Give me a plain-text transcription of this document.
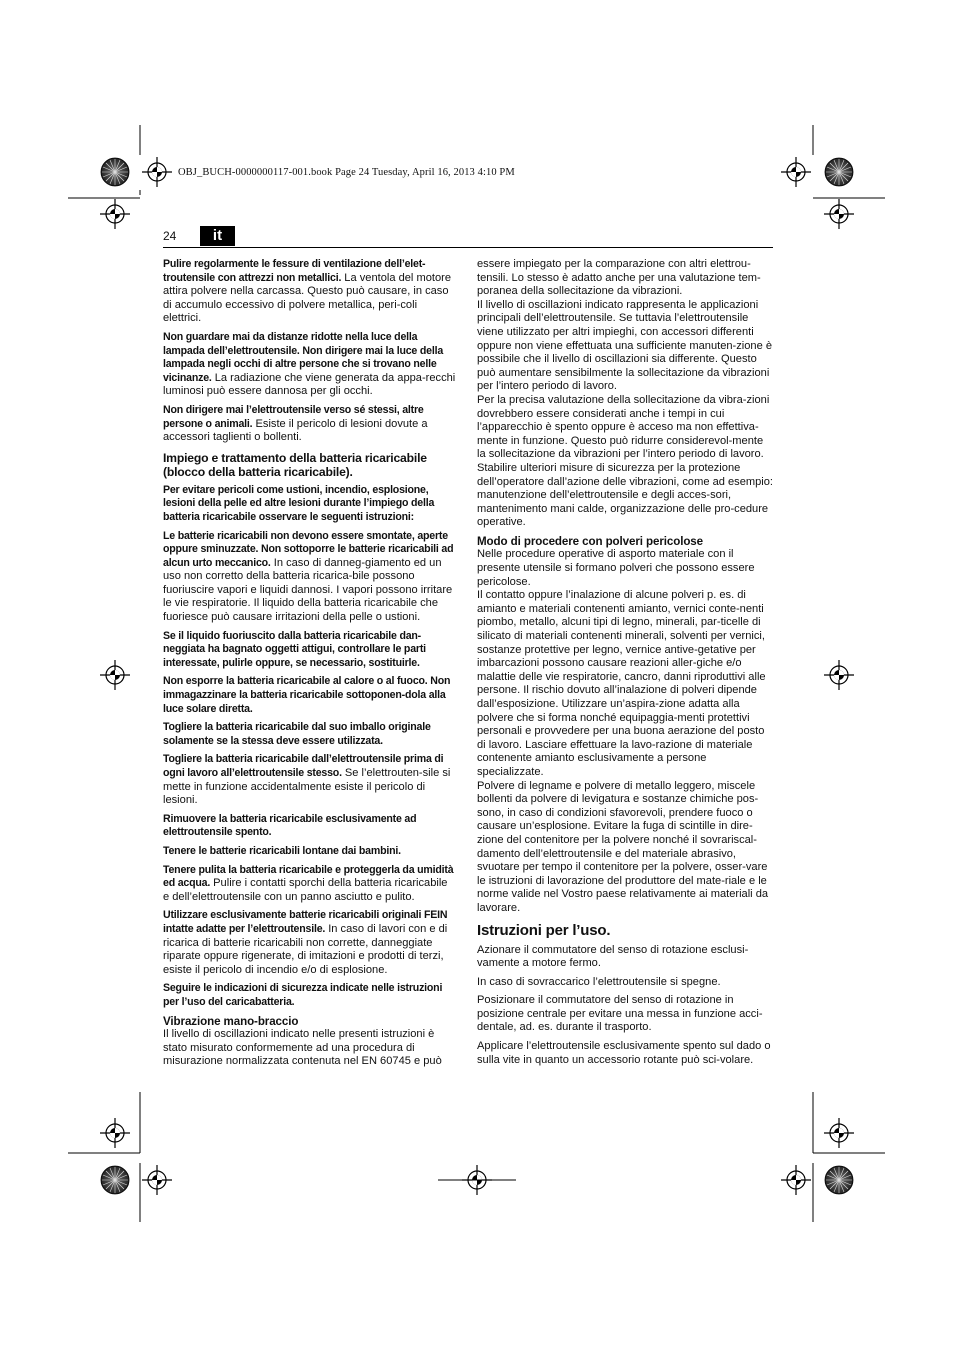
OBJ_BUCH-0000000117-001.book Page 24 Tuesday, April 16, 2013 4:10 PM
24	it

Pulire regolarmente le fessure di ventilazione dell’elet-troutensile con attrezzi non metallici. La ventola del motore attira polvere nella carcassa. Questo può causare, in caso di accumulo eccessivo di polvere metallica, peri-coli elettrici.

Non guardare mai da distanze ridotte nella luce della lampada dell’elettroutensile. Non dirigere mai la luce della lampada negli occhi di altre persone che si trovano nelle vicinanze. La radiazione che viene generata da appa-recchi luminosi può essere dannosa per gli occhi.

Non dirigere mai l’elettroutensile verso sé stessi, altre persone o animali. Esiste il pericolo di lesioni dovute a accessori taglienti o bollenti.

Impiego e trattamento della batteria ricaricabile (blocco della batteria ricaricabile).

Per evitare pericoli come ustioni, incendio, esplosione, lesioni della pelle ed altre lesioni durante l’impiego della batteria ricaricabile osservare le seguenti istruzioni:

Le batterie ricaricabili non devono essere smontate, aperte oppure sminuzzate. Non sottoporre le batterie ricaricabili ad alcun urto meccanico. In caso di danneg-giamento ed un uso non corretto della batteria ricarica-bile possono fuoriuscire vapori e liquidi dannosi. I vapori possono irritare le vie respiratorie. Il liquido della batteria ricaricabile che fuoriesce può causare irritazioni della pelle o ustioni.

Se il liquido fuoriuscito dalla batteria ricaricabile dan-neggiata ha bagnato oggetti attigui, controllare le parti interessate, pulirle oppure, se necessario, sostituirle.

Non esporre la batteria ricaricabile al calore o al fuoco. Non immagazzinare la batteria ricaricabile sottoponen-dola alla luce solare diretta.

Togliere la batteria ricaricabile dal suo imballo originale solamente se la stessa deve essere utilizzata.

Togliere la batteria ricaricabile dall’elettroutensile prima di ogni lavoro all’elettroutensile stesso. Se l’elettrouten-sile si mette in funzione accidentalmente esiste il pericolo di lesioni.

Rimuovere la batteria ricaricabile esclusivamente ad elettroutensile spento.

Tenere le batterie ricaricabili lontane dai bambini.

Tenere pulita la batteria ricaricabile e proteggerla da umidità ed acqua. Pulire i contatti sporchi della batteria ricaricabile e dell’elettroutensile con un panno asciutto e pulito.

Utilizzare esclusivamente batterie ricaricabili originali FEIN intatte adatte per l’elettroutensile. In caso di lavori con e di ricarica di batterie ricaricabili non corrette, danneggiate riparate oppure rigenerate, di imitazioni e prodotti di terzi, esiste il pericolo di incendio e/o di esplosione.

Seguire le indicazioni di sicurezza indicate nelle istruzioni per l’uso del caricabatteria.

Vibrazione mano-braccio

Il livello di oscillazioni indicato nelle presenti istruzioni è stato misurato conformemente ad una procedura di misurazione normalizzata contenuta nel EN 60745 e può

essere impiegato per la comparazione con altri elettrou-tensili. Lo stesso è adatto anche per una valutazione tem-poranea della sollecitazione da vibrazioni.

Il livello di oscillazioni indicato rappresenta le applicazioni principali dell’elettroutensile. Se tuttavia l’elettroutensile viene utilizzato per altri impieghi, con accessori differenti oppure non viene effettuata una sufficiente manuten-zione è possibile che il livello di oscillazioni sia differente. Questo può aumentare sensibilmente la sollecitazione da vibrazioni per l’intero periodo di lavoro.

Per la precisa valutazione della sollecitazione da vibra-zioni dovrebbero essere considerati anche i tempi in cui l’apparecchio è spento oppure è acceso ma non effettiva-mente in funzione. Questo può ridurre considerevol-mente la sollecitazione da vibrazioni per l’intero periodo di lavoro.

Stabilire ulteriori misure di sicurezza per la protezione dell’operatore dall’azione delle vibrazioni, come ad esempio: manutenzione dell’elettroutensile e degli acces-sori, mantenimento mani calde, organizzazione delle pro-cedure operative.

Modo di procedere con polveri pericolose

Nelle procedure operative di asporto materiale con il presente utensile si formano polveri che possono essere pericolose.

Il contatto oppure l’inalazione di alcune polveri p. es. di amianto e materiali contenenti amianto, vernici conte-nenti piombo, metallo, alcuni tipi di legno, minerali, par-ticelle di silicato di materiali contenenti minerali, solventi per vernici, sostanze protettive per legno, vernice antive-getative per imbarcazioni possono causare reazioni aller-giche e/o malattie delle vie respiratorie, cancro, danni riproduttivi alle persone. Il rischio dovuto all’inalazione di polveri dipende dall’esposizione. Utilizzare un’aspira-zione adatta alla polvere che si forma nonché equipaggia-menti protettivi personali e provvedere per una buona aerazione del posto di lavoro. Lasciare effettuare la lavo-razione di materiale contenente amianto esclusivamente a persone specializzate.

Polvere di legname e polvere di metallo leggero, miscele bollenti da polvere di levigatura e sostanze chimiche pos-sono, in caso di condizioni sfavorevoli, prendere fuoco o causare un’esplosione. Evitare la fuga di scintille in dire-zione del contenitore per la polvere nonché il sovrariscal-damento dell’elettroutensile e del materiale abrasivo, svuotare per tempo il contenitore per la polvere, osser-vare le istruzioni di lavorazione del produttore del mate-riale e le norme valide nel Vostro paese relativamente ai materiali da lavorare.

Istruzioni per l’uso.

Azionare il commutatore del senso di rotazione esclusi-vamente a motore fermo.

In caso di sovraccarico l’elettroutensile si spegne.

Posizionare il commutatore del senso di rotazione in posizione centrale per evitare una messa in funzione acci-dentale, ad. es. durante il trasporto.

Applicare l’elettroutensile esclusivamente spento sul dado o sulla vite in quanto un accessorio rotante può sci-volare.
